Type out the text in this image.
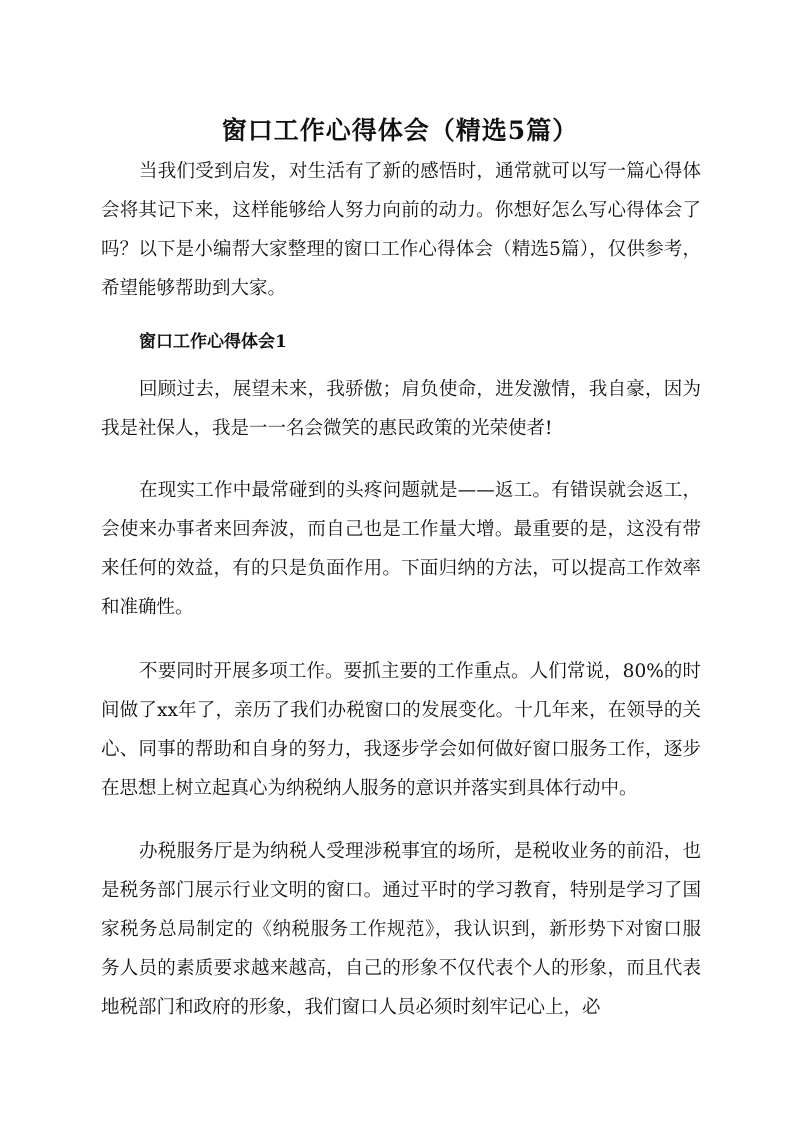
窗口工作心得体会（精选5篇）

当我们受到启发，对生活有了新的感悟时，通常就可以写一篇心得体会将其记下来，这样能够给人努力向前的动力。你想好怎么写心得体会了吗？以下是小编帮大家整理的窗口工作心得体会（精选5篇），仅供参考，希望能够帮助到大家。

窗口工作心得体会1

回顾过去，展望未来，我骄傲；肩负使命，进发激情，我自豪，因为我是社保人，我是一一名会微笑的惠民政策的光荣使者!

在现实工作中最常碰到的头疼问题就是——返工。有错误就会返工，会使来办事者来回奔波，而自己也是工作量大增。最重要的是，这没有带来任何的效益，有的只是负面作用。下面归纳的方法，可以提高工作效率和准确性。

不要同时开展多项工作。要抓主要的工作重点。人们常说，80%的时间做了xx年了，亲历了我们办税窗口的发展变化。十几年来，在领导的关心、同事的帮助和自身的努力，我逐步学会如何做好窗口服务工作，逐步在思想上树立起真心为纳税纳人服务的意识并落实到具体行动中。

办税服务厅是为纳税人受理涉税事宜的场所，是税收业务的前沿，也是税务部门展示行业文明的窗口。通过平时的学习教育，特别是学习了国家税务总局制定的《纳税服务工作规范》，我认识到，新形势下对窗口服务人员的素质要求越来越高，自己的形象不仅代表个人的形象，而且代表地税部门和政府的形象，我们窗口人员必须时刻牢记心上，必
